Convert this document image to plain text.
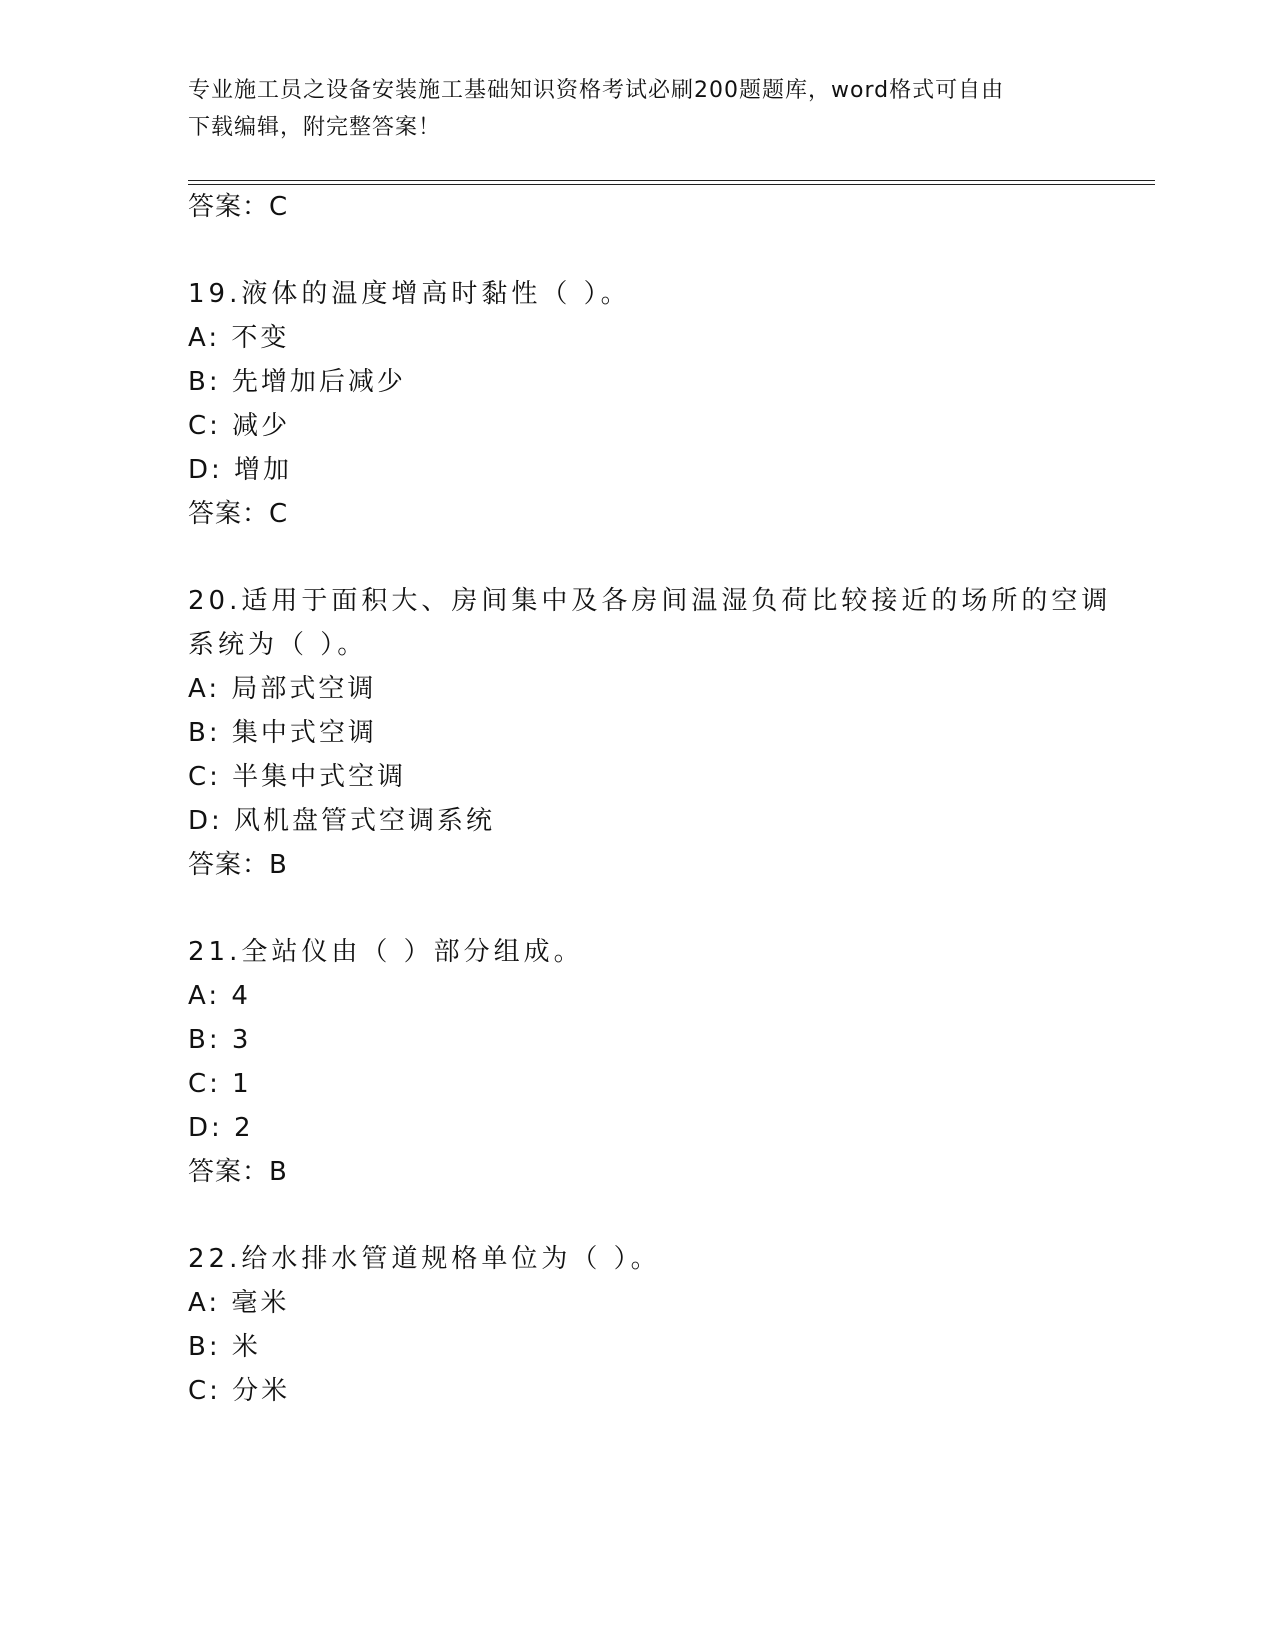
专业施工员之设备安装施工基础知识资格考试必刷200题题库，word格式可自由
下载编辑，附完整答案！
答案：C
19.液体的温度增高时黏性（ ）。
A: 不变
B: 先增加后减少
C: 减少
D: 增加
答案：C
20.适用于面积大、房间集中及各房间温湿负荷比较接近的场所的空调
系统为（ ）。
A: 局部式空调
B: 集中式空调
C: 半集中式空调
D: 风机盘管式空调系统
答案：B
21.全站仪由（ ）部分组成。
A: 4
B: 3
C: 1
D: 2
答案：B
22.给水排水管道规格单位为（ ）。
A: 毫米
B: 米
C: 分米
